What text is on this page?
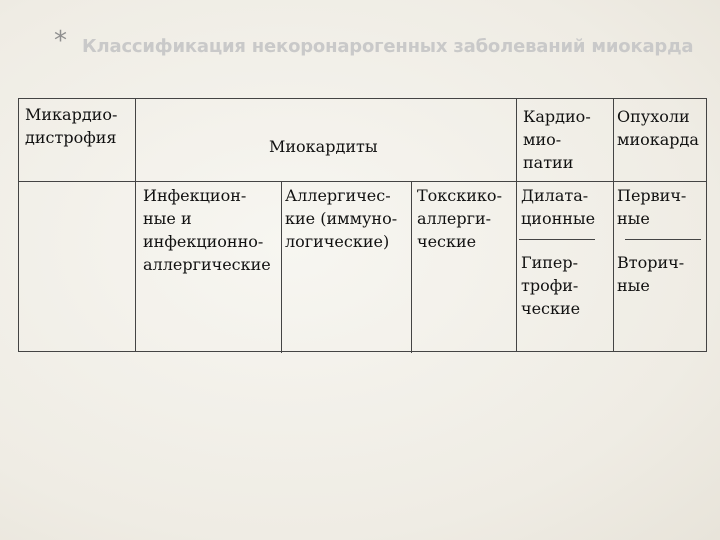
* Классификация некоронарогенных заболеваний миокарда
Микардио-
дистрофия	Миокардиты
Кардио-
мио-
патии
Опухоли
миокарда
Инфекцион-
ные и
инфекционно-
аллергические
Аллергичес-
кие (иммуно-
логические)
Токскико-
аллерги-
ческие
Дилата-
ционные
Первич-
ные
Гипер-
трофи-
ческие
Вторич-
ные
